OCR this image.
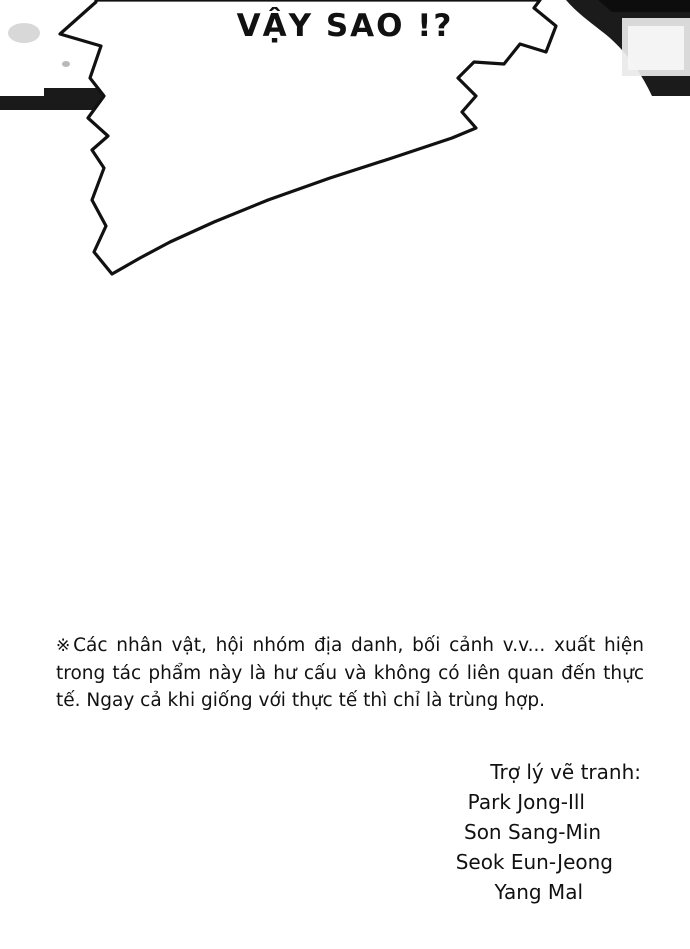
VẬY SAO !?

※Các nhân vật, hội nhóm địa danh, bối cảnh v.v... xuất hiện trong tác phẩm này là hư cấu và không có liên quan đến thực tế. Ngay cả khi giống với thực tế thì chỉ là trùng hợp.

Trợ lý vẽ tranh:
Park Jong-Ill
Son Sang-Min
Seok Eun-Jeong
Yang Mal
